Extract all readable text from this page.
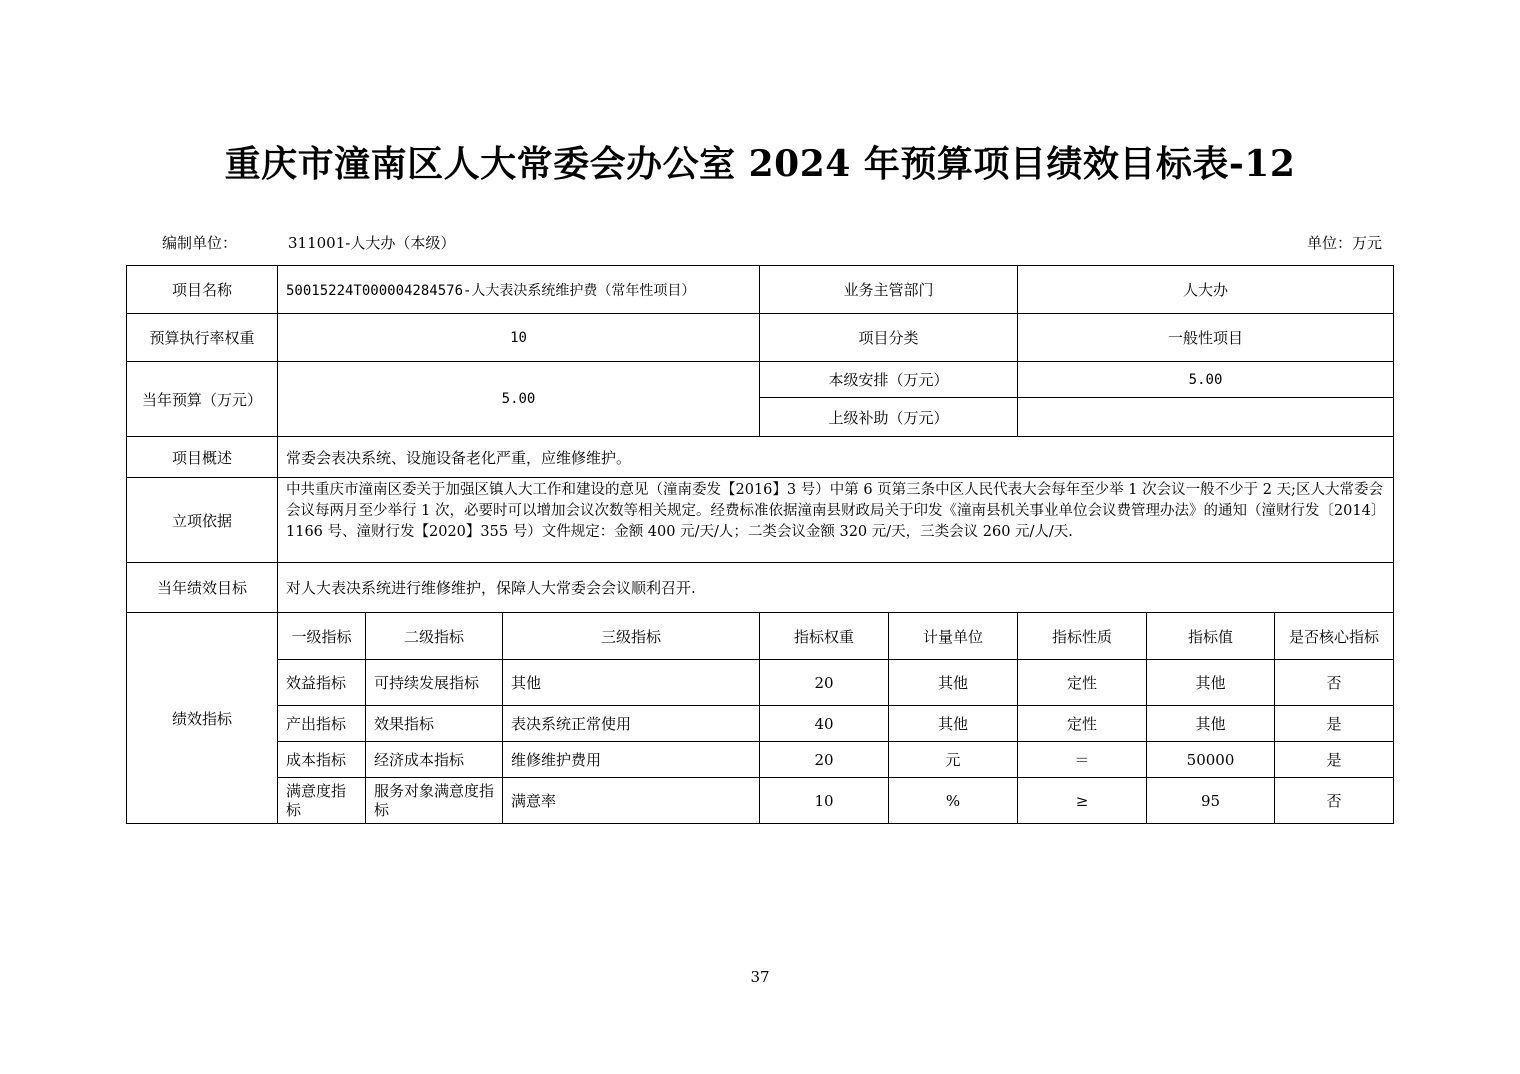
重庆市潼南区人大常委会办公室 2024 年预算项目绩效目标表-12
编制单位：	311001-人大办（本级）	单位：万元
项目名称	50015224T000004284576-人大表决系统维护费（常年性项目）			业务主管部门		人大办		
预算执行率权重	10			项目分类		一般性项目		
当年预算（万元）	5.00			本级安排（万元）		5.00		
				上级补助（万元）				
项目概述	常委会表决系统、设施设备老化严重，应维修维护。							
立项依据	中共重庆市潼南区委关于加强区镇人大工作和建设的意见（潼南委发【2016】3 号）中第 6 页第三条中区人民代表大会每年至少举 1 次会议一般不少于 2 天;区人大常委会会议每两月至少举行 1 次，必要时可以增加会议次数等相关规定。经费标准依据潼南县财政局关于印发《潼南县机关事业单位会议费管理办法》的通知（潼财行发〔2014〕1166 号、潼财行发【2020】355 号）文件规定：金额 400 元/天/人；二类会议金额 320 元/天，三类会议 260 元/人/天.							
当年绩效目标	对人大表决系统进行维修维护，保障人大常委会会议顺利召开.							
绩效指标	一级指标	二级指标	三级指标	指标权重	计量单位	指标性质	指标值	是否核心指标
	效益指标	可持续发展指标	其他	20	其他	定性	其他	否
	产出指标	效果指标	表决系统正常使用	40	其他	定性	其他	是
	成本指标	经济成本指标	维修维护费用	20	元	＝	50000	是
	满意度指标	服务对象满意度指标	满意率	10	%	≥	95	否
37
